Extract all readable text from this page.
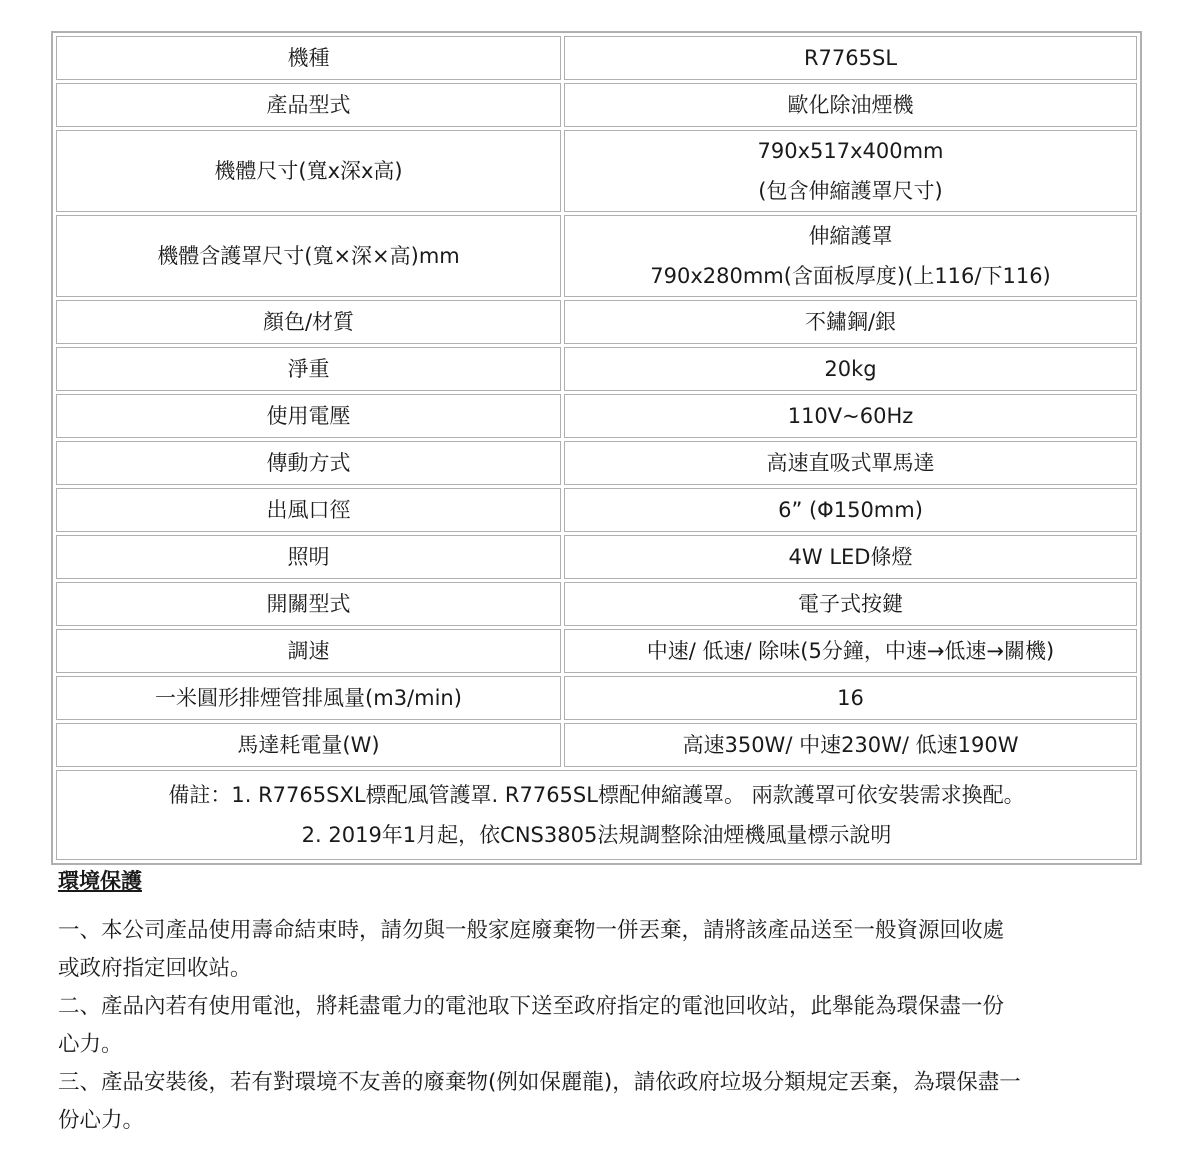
機種	R7765SL

產品型式	歐化除油煙機

機體尺寸(寬x深x高)	790x517x400mm
(包含伸縮護罩尺寸)

機體含護罩尺寸(寬×深×高)mm	伸縮護罩
790x280mm(含面板厚度)(上116/下116)

顏色/材質	不鏽鋼/銀

淨重	20kg

使用電壓	110V~60Hz

傳動方式	高速直吸式單馬達

出風口徑	6” (Φ150mm)

照明	4W LED條燈

開關型式	電子式按鍵

調速	中速/ 低速/ 除味(5分鐘，中速→低速→關機)

一米圓形排煙管排風量(m3/min)	16

馬達耗電量(W)	高速350W/ 中速230W/ 低速190W

備註：1. R7765SXL標配風管護罩. R7765SL標配伸縮護罩。 兩款護罩可依安裝需求換配。
2. 2019年1月起，依CNS3805法規調整除油煙機風量標示說明	
環境保護

一、本公司產品使用壽命結束時，請勿與一般家庭廢棄物一併丟棄，請將該產品送至一般資源回收處
或政府指定回收站。

二、產品內若有使用電池，將耗盡電力的電池取下送至政府指定的電池回收站，此舉能為環保盡一份
心力。

三、產品安裝後，若有對環境不友善的廢棄物(例如保麗龍)，請依政府垃圾分類規定丟棄，為環保盡一
份心力。
